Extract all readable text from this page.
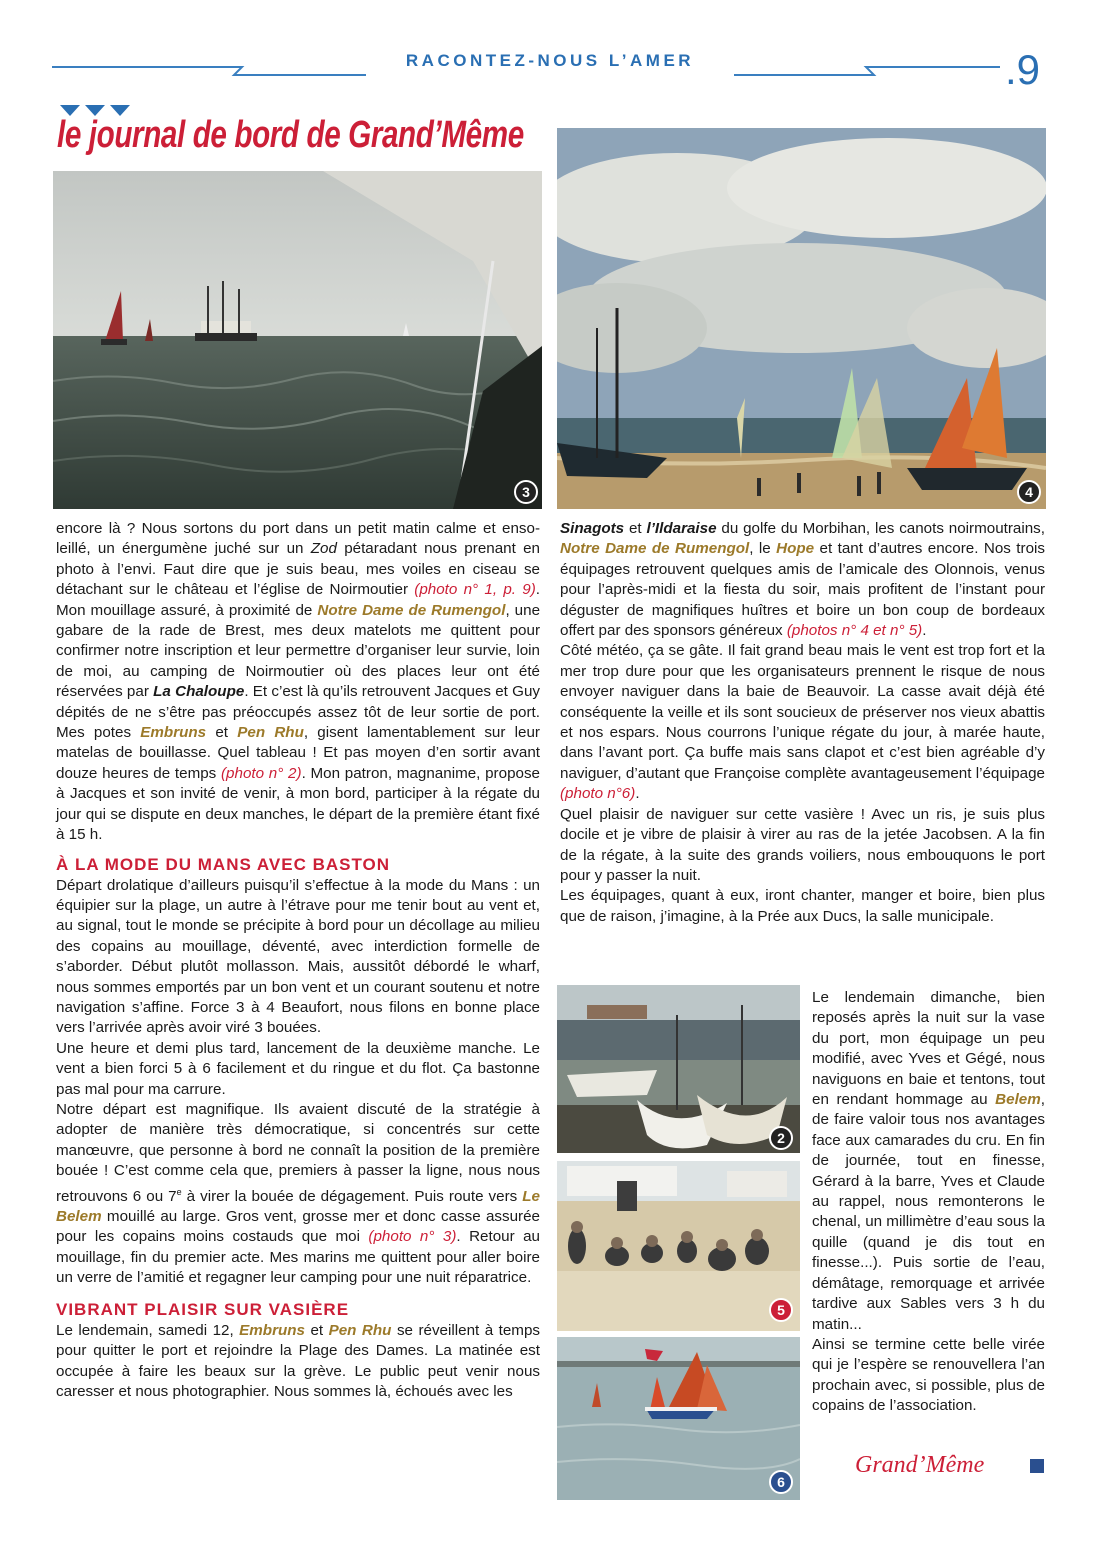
RACONTEZ-NOUS L’AMER	.9
le journal de bord de Grand’Même
3	4

encore là ? Nous sortons du port dans un petit matin calme et ensoleillé, un énergumène juché sur un Zod pétaradant nous prenant en photo à l’envi. Faut dire que je suis beau, mes voiles en ciseau se détachant sur le château et l’église de Noirmoutier (photo n° 1, p. 9). Mon mouillage assuré, à proximité de Notre Dame de Rumengol, une gabare de la rade de Brest, mes deux matelots me quittent pour confirmer notre inscription et leur permettre d’organiser leur survie, loin de moi, au camping de Noirmoutier où des places leur ont été réservées par La Chaloupe. Et c’est là qu’ils retrouvent Jacques et Guy dépités de ne s’être pas préoccupés assez tôt de leur sortie de port. Mes potes Embruns et Pen Rhu, gisent lamentablement sur leur matelas de bouillasse. Quel tableau ! Et pas moyen d’en sortir avant douze heures de temps (photo n° 2). Mon patron, magnanime, propose à Jacques et son invité de venir, à mon bord, participer à la régate du jour qui se dispute en deux manches, le départ de la première étant fixé à 15 h.

À LA MODE DU MANS AVEC BASTON

Départ drolatique d’ailleurs puisqu’il s’effectue à la mode du Mans : un équipier sur la plage, un autre à l’étrave pour me tenir bout au vent et, au signal, tout le monde se précipite à bord pour un décollage au milieu des copains au mouillage, déventé, avec interdiction formelle de s’aborder. Début plutôt mollasson. Mais, aussitôt débordé le wharf, nous sommes emportés par un bon vent et un courant soutenu et notre navigation s’affine. Force 3 à 4 Beaufort, nous filons en bonne place vers l’arrivée après avoir viré 3 bouées.

Une heure et demi plus tard, lancement de la deuxième manche. Le vent a bien forci 5 à 6 facilement et du ringue et du flot. Ça bastonne pas mal pour ma carrure.

Notre départ est magnifique. Ils avaient discuté de la stratégie à adopter de manière très démocratique, si concentrés sur cette manœuvre, que personne à bord ne connaît la position de la première bouée ! C’est comme cela que, premiers à passer la ligne, nous nous retrouvons 6 ou 7e à virer la bouée de dégagement. Puis route vers Le Belem mouillé au large. Gros vent, grosse mer et donc casse assurée pour les copains moins costauds que moi (photo n° 3). Retour au mouillage, fin du premier acte. Mes marins me quittent pour aller boire un verre de l’amitié et regagner leur camping pour une nuit réparatrice.

VIBRANT PLAISIR SUR VASIÈRE

Le lendemain, samedi 12, Embruns et Pen Rhu se réveillent à temps pour quitter le port et rejoindre la Plage des Dames. La matinée est occupée à faire les beaux sur la grève. Le public peut venir nous caresser et nous photographier. Nous sommes là, échoués avec les

Sinagots et l’Ildaraise du golfe du Morbihan, les canots noirmoutrains, Notre Dame de Rumengol, le Hope et tant d’autres encore. Nos trois équipages retrouvent quelques amis de l’amicale des Olonnois, venus pour l’après-midi et la fiesta du soir, mais profitent de l’instant pour déguster de magnifiques huîtres et boire un bon coup de bordeaux offert par des sponsors généreux (photos n° 4 et n° 5).

Côté météo, ça se gâte. Il fait grand beau mais le vent est trop fort et la mer trop dure pour que les organisateurs prennent le risque de nous envoyer naviguer dans la baie de Beauvoir. La casse avait déjà été conséquente la veille et ils sont soucieux de préserver nos vieux abattis et nos espars. Nous courrons l’unique régate du jour, à marée haute, dans l’avant port. Ça buffe mais sans clapot et c’est bien agréable d’y naviguer, d’autant que Françoise complète avantageusement l’équipage (photo n°6).

Quel plaisir de naviguer sur cette vasière ! Avec un ris, je suis plus docile et je vibre de plaisir à virer au ras de la jetée Jacobsen. A la fin de la régate, à la suite des grands voiliers, nous embouquons le port pour y passer la nuit.

Les équipages, quant à eux, iront chanter, manger et boire, bien plus que de raison, j’imagine, à la Prée aux Ducs, la salle municipale.

2
5
6

Le lendemain dimanche, bien reposés après la nuit sur la vase du port, mon équipage un peu modifié, avec Yves et Gégé, nous naviguons en baie et tentons, tout en rendant hommage au Belem, de faire valoir tous nos avantages face aux camarades du cru. En fin de journée, tout en finesse, Gérard à la barre, Yves et Claude au rappel, nous remonterons le chenal, un millimètre d’eau sous la quille (quand je dis tout en finesse...). Puis sortie de l’eau, démâtage, remorquage et arrivée tardive aux Sables vers 3 h du matin...

Ainsi se termine cette belle virée qui je l’espère se renouvellera l’an prochain avec, si possible, plus de copains de l’association.

Grand’Même
